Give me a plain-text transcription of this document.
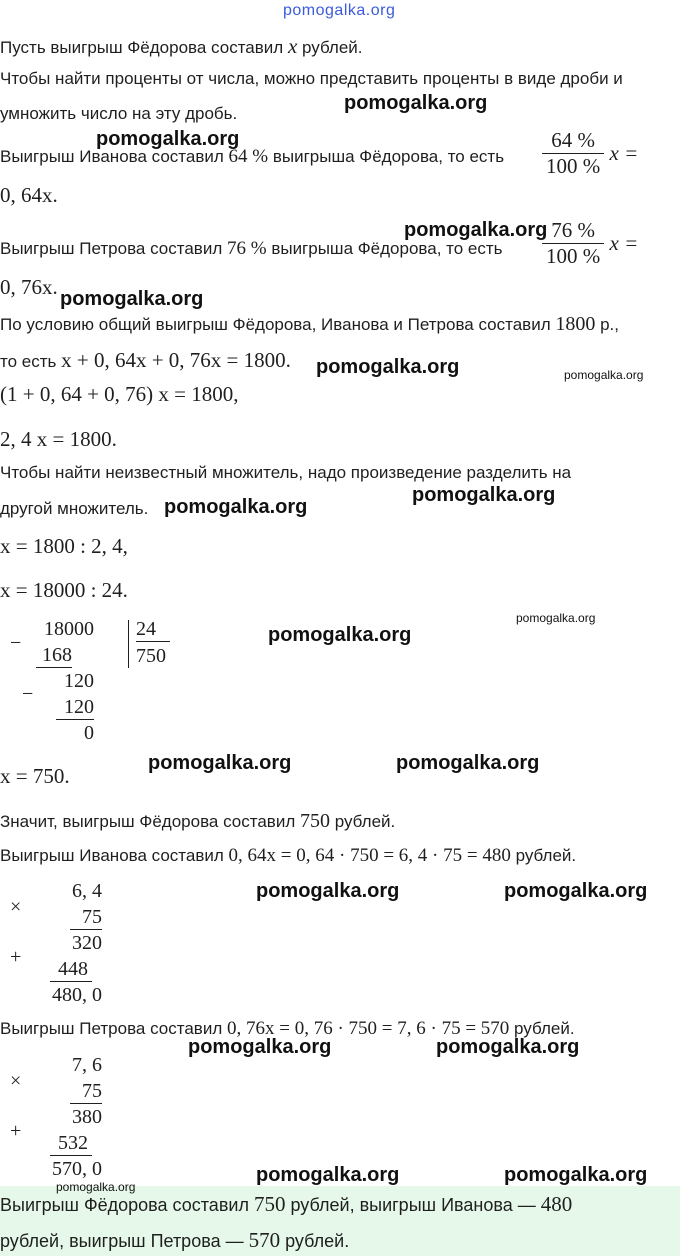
pomogalka.org
Пусть выигрыш Фёдорова составил x рублей.
Чтобы найти проценты от числа, можно представить проценты в виде дроби и
умножить число на эту дробь.
Выигрыш Иванова составил 64 % выигрыша Фёдорова, то есть $\frac{64 \%}{100 \%}$ x =
0, 64x.
Выигрыш Петрова составил 76 % выигрыша Фёдорова, то есть $\frac{76 \%}{100 \%}$ x =
0, 76x.
По условию общий выигрыш Фёдорова, Иванова и Петрова составил 1800 р.,
то есть x + 0, 64x + 0, 76x = 1800.
(1 + 0, 64 + 0, 76) x = 1800,
2, 4 x = 1800.
Чтобы найти неизвестный множитель, надо произведение разделить на
другой множитель.
x = 1800 : 2, 4,
x = 18000 : 24.
−
18000
168
−
120
120
0
24
750
x = 750.
Значит, выигрыш Фёдорова составил 750 рублей.
Выигрыш Иванова составил 0, 64x = 0, 64 · 750 = 6, 4 · 75 = 480 рублей.
×
6, 4
75
+
320
448
480, 0
Выигрыш Петрова составил 0, 76x = 0, 76 · 750 = 7, 6 · 75 = 570 рублей.
×
7, 6
75
+
380
532
570, 0
Выигрыш Фёдорова составил 750 рублей, выигрыш Иванова — 480
рублей, выигрыш Петрова — 570 рублей.
pomogalka.org
pomogalka.org
pomogalka.org
pomogalka.org
pomogalka.org	pomogalka.org
pomogalka.org
pomogalka.org
pomogalka.org
pomogalka.org
pomogalka.org	pomogalka.org
pomogalka.org	pomogalka.org
pomogalka.org	pomogalka.org
pomogalka.org	pomogalka.org
pomogalka.org
